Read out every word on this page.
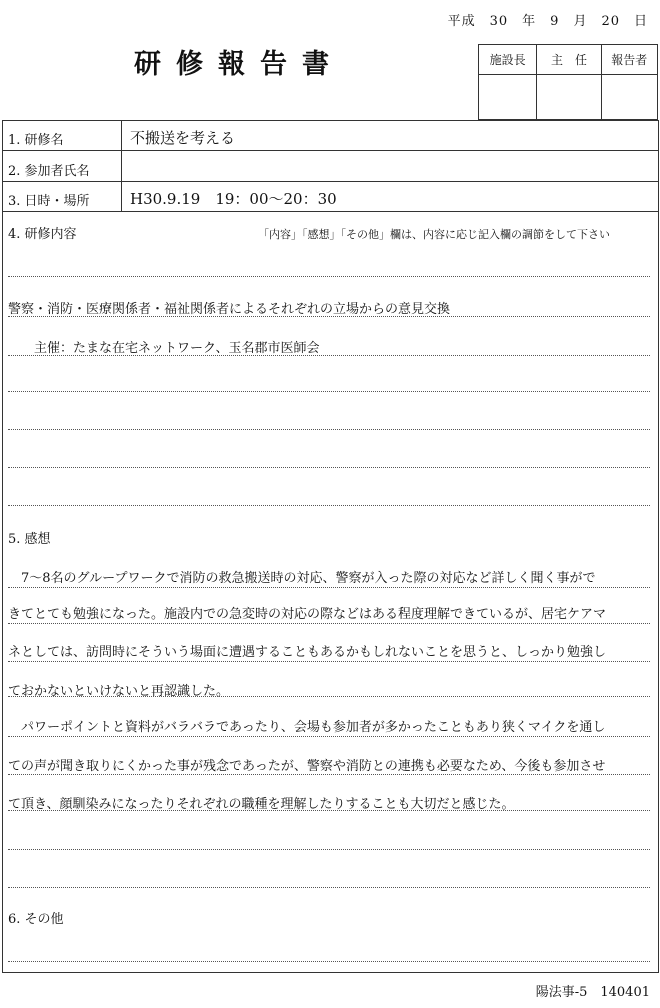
平成　30　年　9　月　20　日
研修報告書	施設長	主　任	報告者
1. 研修名	不搬送を考える
2. 参加者氏名
3. 日時・場所	H30.9.19　19：00～20：30
4. 研修内容	「内容」「感想」「その他」欄は、内容に応じ記入欄の調節をして下さい
警察・消防・医療関係者・福祉関係者によるそれぞれの立場からの意見交換
　　主催：たまな在宅ネットワーク、玉名郡市医師会
5. 感想
　7～8名のグループワークで消防の救急搬送時の対応、警察が入った際の対応など詳しく聞く事がで
きてとても勉強になった。施設内での急変時の対応の際などはある程度理解できているが、居宅ケアマ
ネとしては、訪問時にそういう場面に遭遇することもあるかもしれないことを思うと、しっかり勉強し
ておかないといけないと再認識した。
　パワーポイントと資料がバラバラであったり、会場も参加者が多かったこともあり狭くマイクを通し
ての声が聞き取りにくかった事が残念であったが、警察や消防との連携も必要なため、今後も参加させ
て頂き、顔馴染みになったりそれぞれの職種を理解したりすることも大切だと感じた。
6. その他
陽法事-5　140401
